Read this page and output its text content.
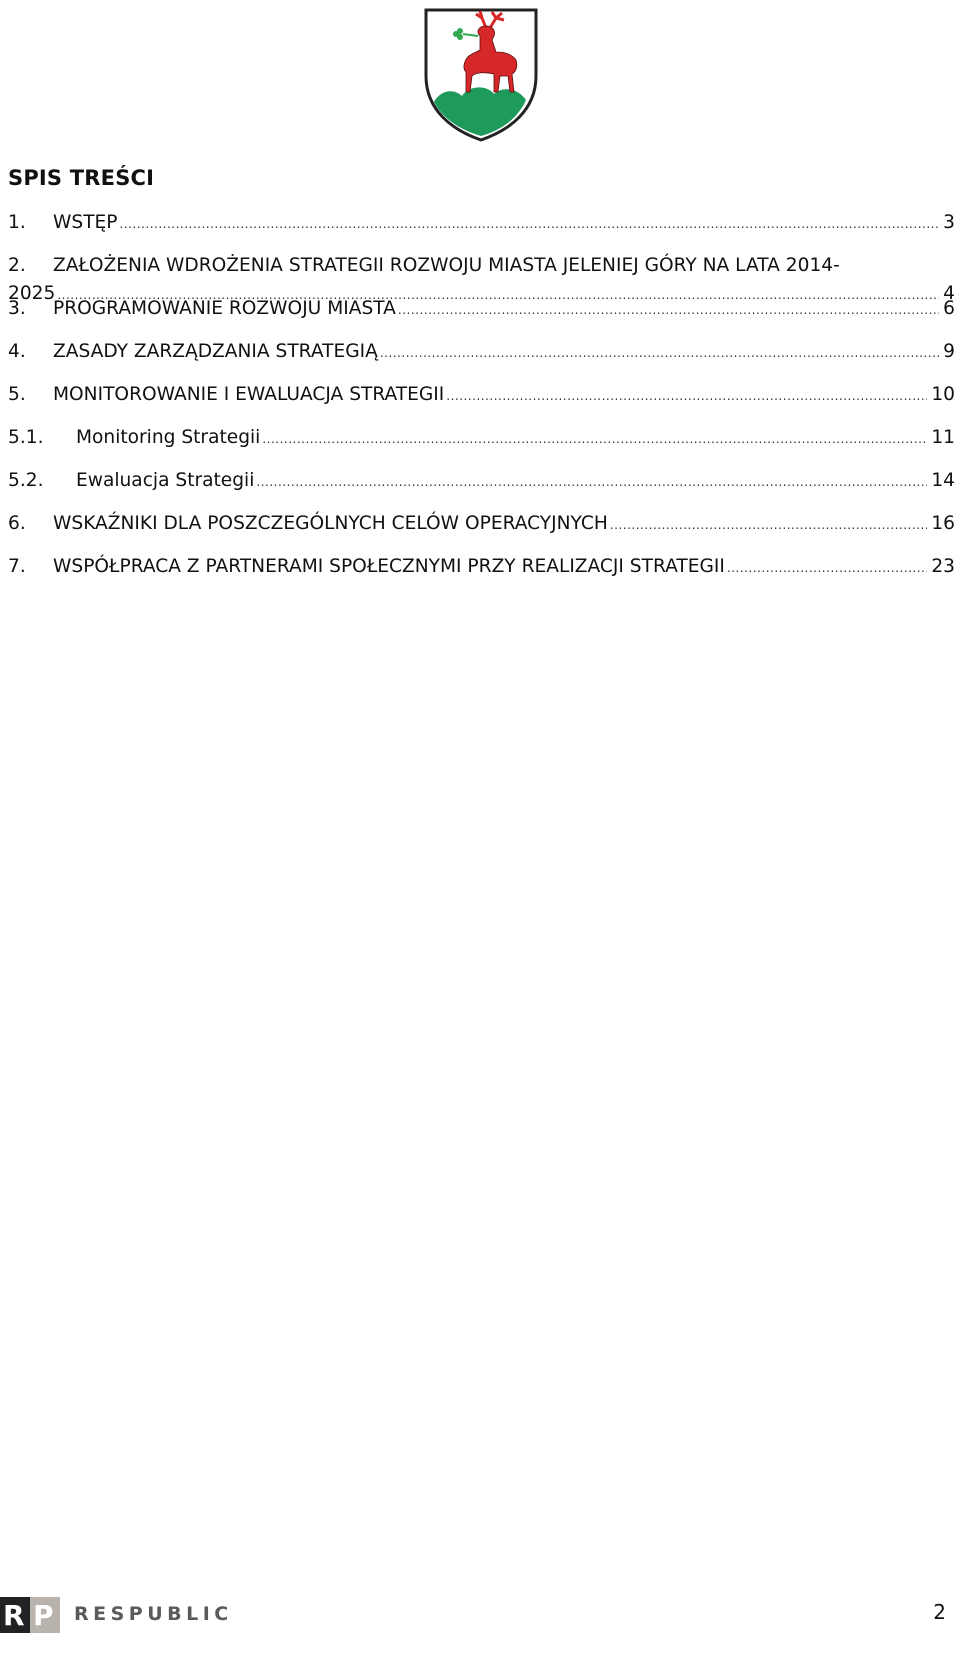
SPIS TREŚCI
1.	WSTĘP .....	3
2.	ZAŁOŻENIA WDROŻENIA STRATEGII ROZWOJU MIASTA JELENIEJ GÓRY NA LATA 2014-
2025 .....	4
3.	PROGRAMOWANIE ROZWOJU MIASTA .....	6
4.	ZASADY ZARZĄDZANIA STRATEGIĄ .....	9
5.	MONITOROWANIE I EWALUACJA STRATEGII .....	10
5.1.	Monitoring Strategii .....	11
5.2.	Ewaluacja Strategii .....	14
6.	WSKAŹNIKI DLA POSZCZEGÓLNYCH CELÓW OPERACYJNYCH .....	16
7.	WSPÓŁPRACA Z PARTNERAMI SPOŁECZNYMI PRZY REALIZACJI STRATEGII .....	23
R P RESPUBLIC	2
